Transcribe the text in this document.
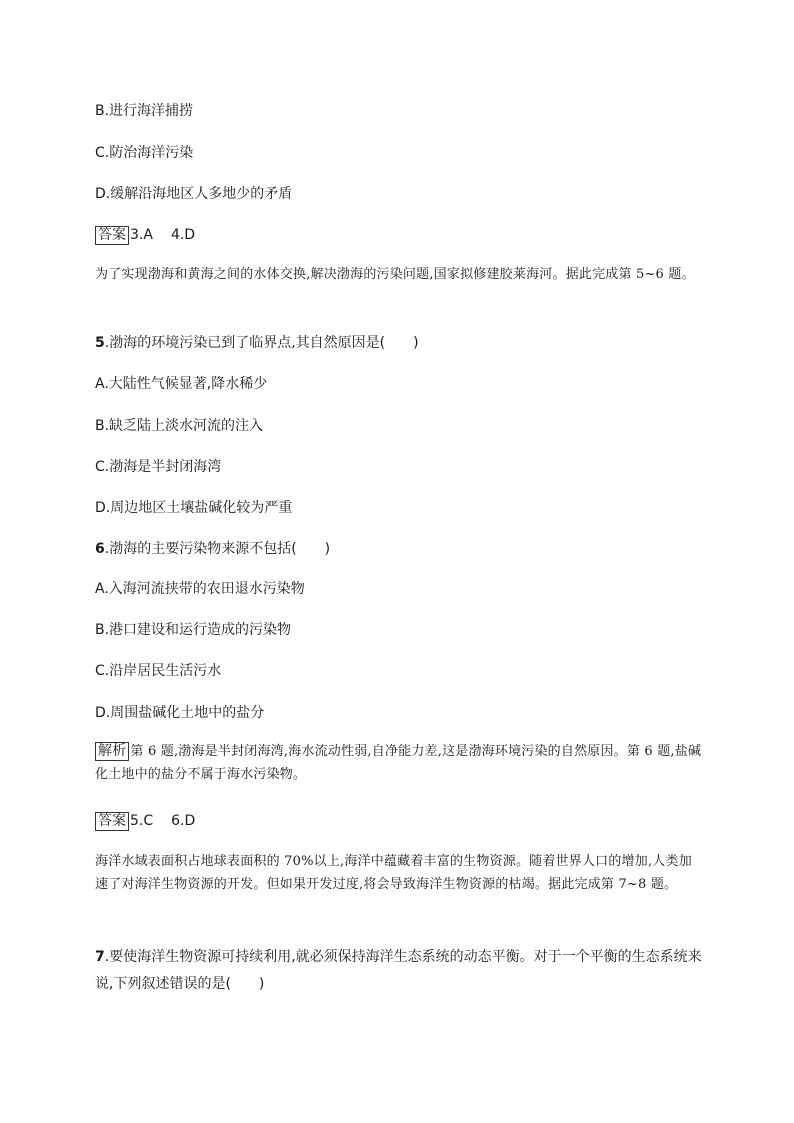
B.进行海洋捕捞
C.防治海洋污染
D.缓解沿海地区人多地少的矛盾
答案 3.A 4.D
为了实现渤海和黄海之间的水体交换,解决渤海的污染问题,国家拟修建胶莱海河。据此完成第 5~6 题。
5.渤海的环境污染已到了临界点,其自然原因是(　　)
A.大陆性气候显著,降水稀少
B.缺乏陆上淡水河流的注入
C.渤海是半封闭海湾
D.周边地区土壤盐碱化较为严重
6.渤海的主要污染物来源不包括(　　)
A.入海河流挟带的农田退水污染物
B.港口建设和运行造成的污染物
C.沿岸居民生活污水
D.周围盐碱化土地中的盐分
解析 第 6 题,渤海是半封闭海湾,海水流动性弱,自净能力差,这是渤海环境污染的自然原因。第 6 题,盐碱化土地中的盐分不属于海水污染物。
答案 5.C 6.D
海洋水域表面积占地球表面积的 70%以上,海洋中蕴藏着丰富的生物资源。随着世界人口的增加,人类加速了对海洋生物资源的开发。但如果开发过度,将会导致海洋生物资源的枯竭。据此完成第 7~8 题。
7.要使海洋生物资源可持续利用,就必须保持海洋生态系统的动态平衡。对于一个平衡的生态系统来说,下列叙述错误的是(　　)
